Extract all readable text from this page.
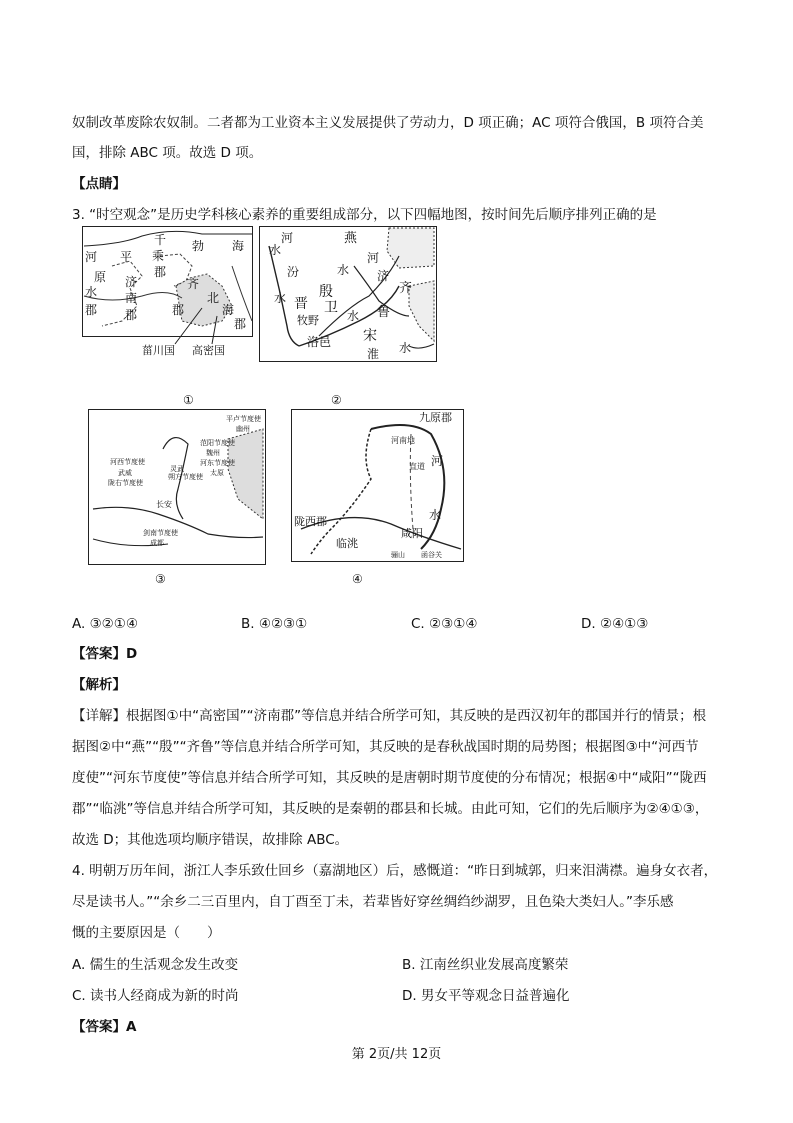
奴制改革废除农奴制。二者都为工业资本主义发展提供了劳动力，D 项正确；AC 项符合俄国，B 项符合美
国，排除 ABC 项。故选 D 项。
【点睛】
3. “时空观念”是历史学科核心素养的重要组成部分，以下四幅地图，按时间先后顺序排列正确的是
河 平
千
乘
勃 海
原 济
郡
齐
水 南	北
郡 郡	郡	海
郡
菑川国 高密国
①
河	燕
河
水
汾	水 济
殷	齐
水 晋 卫	鲁
牧野 水
洛邑 宋
淮 水
②
平卢节度使
幽州
范阳节度使
魏州
河西节度使	河东节度使
太原
武威	灵武
朔方节度使
陇右节度使
长安
剑南节度使
成都
③
九原郡
河南地
河
直道
水
陇西郡
咸阳
临洮
骊山 函谷关
④
A. ③②①④	B. ④②③①	C. ②③①④	D. ②④①③
【答案】D
【解析】
【详解】根据图①中“高密国”“济南郡”等信息并结合所学可知，其反映的是西汉初年的郡国并行的情景；根
据图②中“燕”“殷”“齐鲁”等信息并结合所学可知，其反映的是春秋战国时期的局势图；根据图③中“河西节
度使”“河东节度使”等信息并结合所学可知，其反映的是唐朝时期节度使的分布情况；根据④中“咸阳”“陇西
郡”“临洮”等信息并结合所学可知，其反映的是秦朝的郡县和长城。由此可知，它们的先后顺序为②④①③，
故选 D；其他选项均顺序错误，故排除 ABC。
4. 明朝万历年间，浙江人李乐致仕回乡（嘉湖地区）后，感慨道：“昨日到城郭，归来泪满襟。遍身女衣者，
尽是读书人。”“余乡二三百里内，自丁酉至丁未，若辈皆好穿丝绸绉纱湖罗，且色染大类妇人。”李乐感
慨的主要原因是（　　）
A. 儒生的生活观念发生改变	B. 江南丝织业发展高度繁荣
C. 读书人经商成为新的时尚	D. 男女平等观念日益普遍化
【答案】A
第 2页/共 12页
